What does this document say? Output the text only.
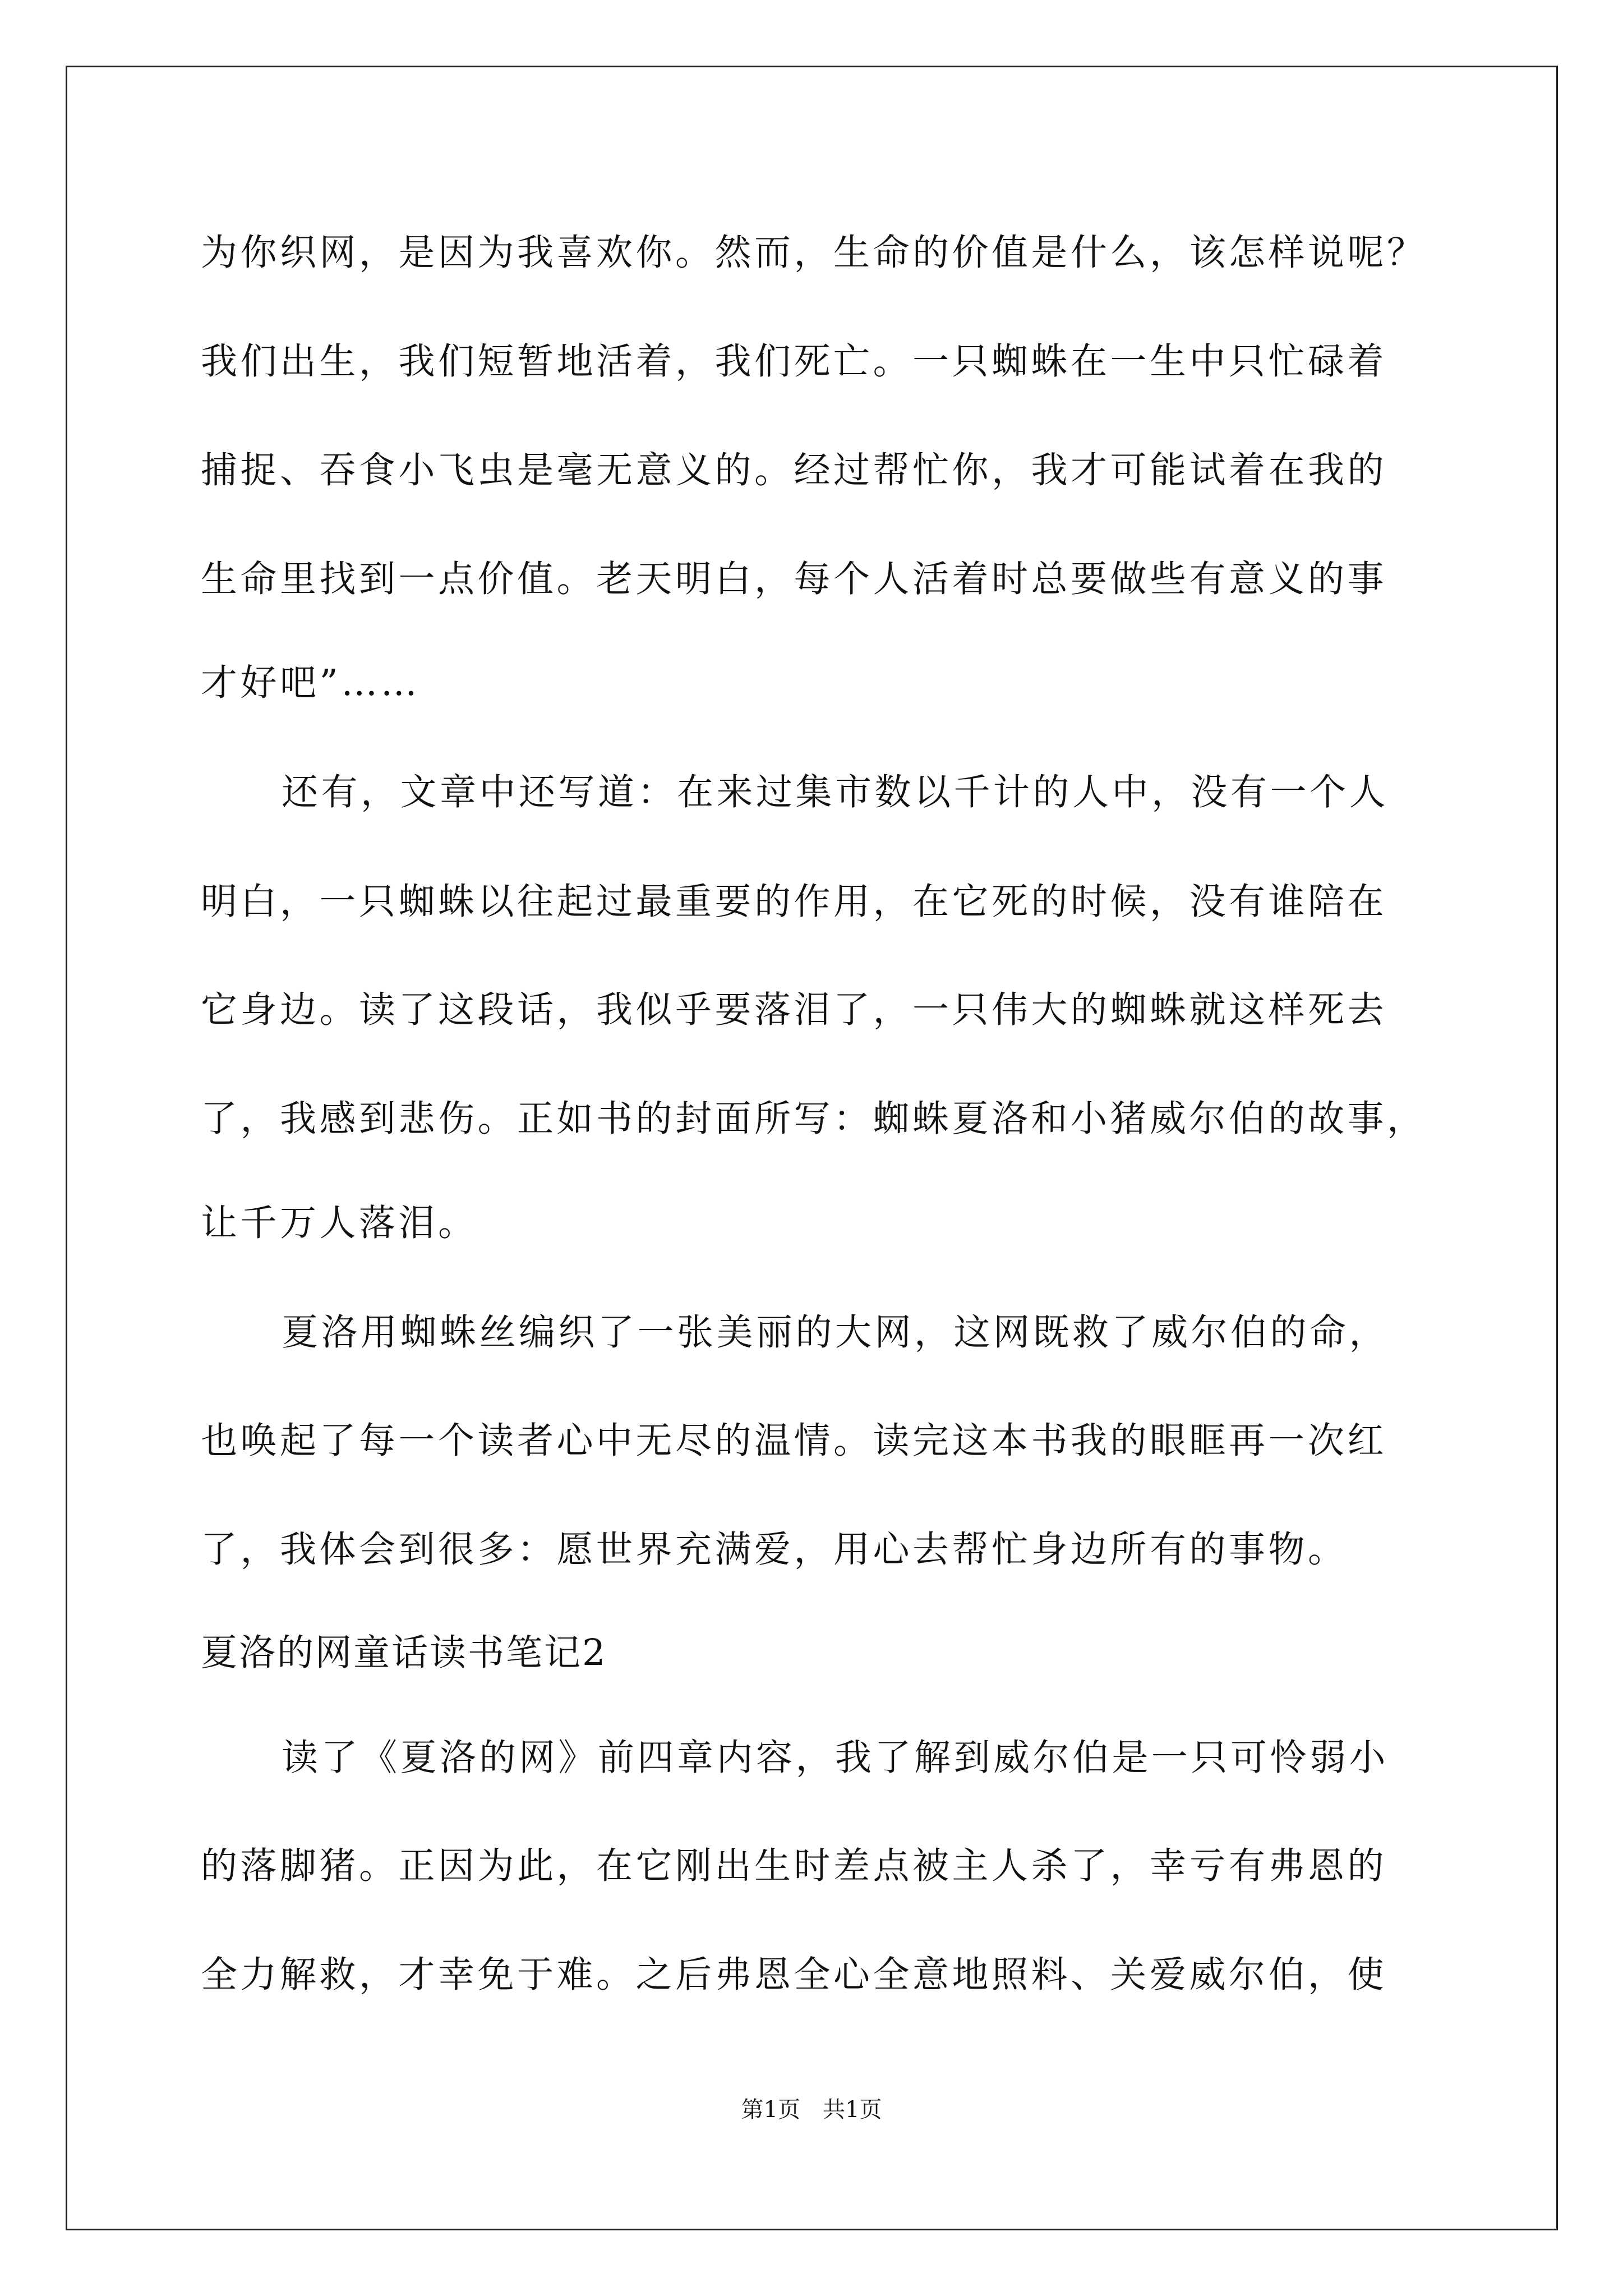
为你织网，是因为我喜欢你。然而，生命的价值是什么，该怎样说呢？
我们出生，我们短暂地活着，我们死亡。一只蜘蛛在一生中只忙碌着
捕捉、吞食小飞虫是毫无意义的。经过帮忙你，我才可能试着在我的
生命里找到一点价值。老天明白，每个人活着时总要做些有意义的事
才好吧”……
还有，文章中还写道：在来过集市数以千计的人中，没有一个人
明白，一只蜘蛛以往起过最重要的作用，在它死的时候，没有谁陪在
它身边。读了这段话，我似乎要落泪了，一只伟大的蜘蛛就这样死去
了，我感到悲伤。正如书的封面所写：蜘蛛夏洛和小猪威尔伯的故事，
让千万人落泪。
夏洛用蜘蛛丝编织了一张美丽的大网，这网既救了威尔伯的命，
也唤起了每一个读者心中无尽的温情。读完这本书我的眼眶再一次红
了，我体会到很多：愿世界充满爱，用心去帮忙身边所有的事物。
夏洛的网童话读书笔记2
读了《夏洛的网》前四章内容，我了解到威尔伯是一只可怜弱小
的落脚猪。正因为此，在它刚出生时差点被主人杀了，幸亏有弗恩的
全力解救，才幸免于难。之后弗恩全心全意地照料、关爱威尔伯，使
第1页　共1页
